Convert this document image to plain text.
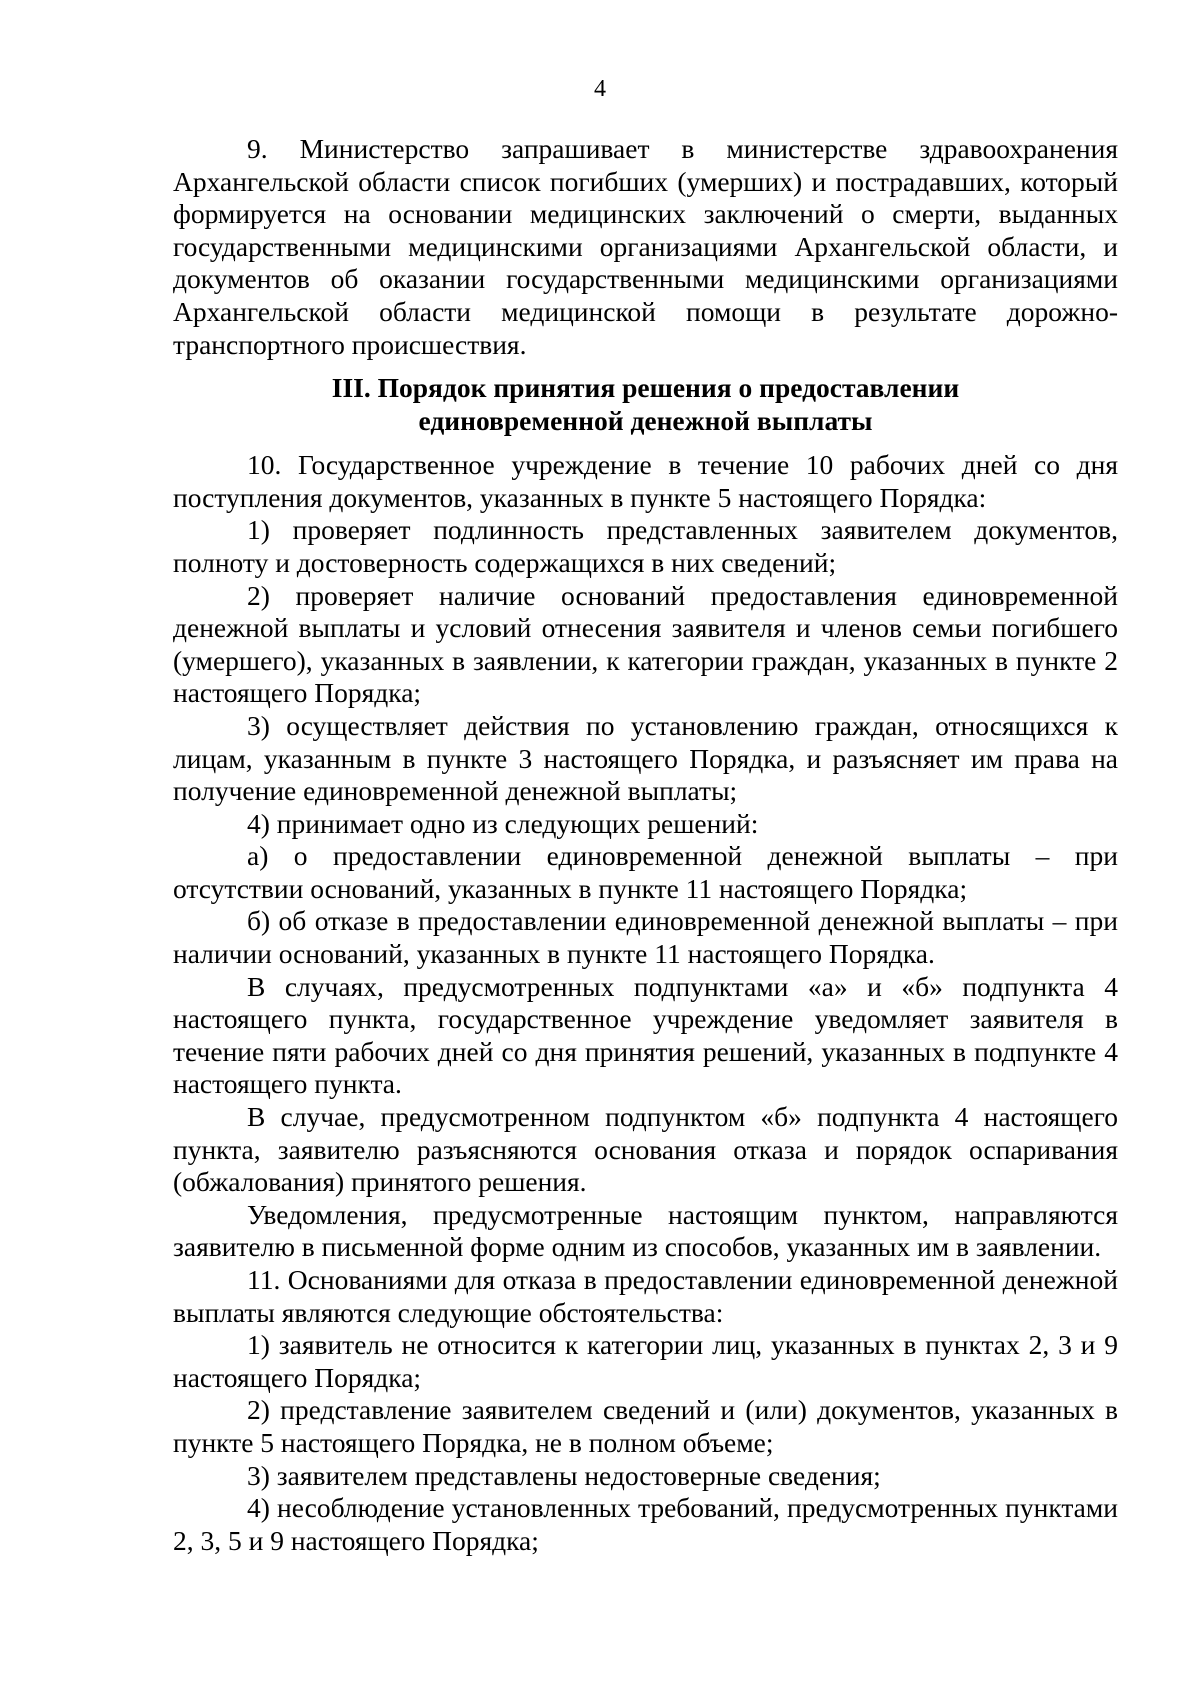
4

9. Министерство запрашивает в министерстве здравоохранения Архангельской области список погибших (умерших) и пострадавших, который формируется на основании медицинских заключений о смерти, выданных государственными медицинскими организациями Архангельской области, и документов об оказании государственными медицинскими организациями Архангельской области медицинской помощи в результате дорожно-транспортного происшествия.

III. Порядок принятия решения о предоставлении
единовременной денежной выплаты

10. Государственное учреждение в течение 10 рабочих дней со дня поступления документов, указанных в пункте 5 настоящего Порядка:

1) проверяет подлинность представленных заявителем документов, полноту и достоверность содержащихся в них сведений;

2) проверяет наличие оснований предоставления единовременной денежной выплаты и условий отнесения заявителя и членов семьи погибшего (умершего), указанных в заявлении, к категории граждан, указанных в пункте 2 настоящего Порядка;

3) осуществляет действия по установлению граждан, относящихся к лицам, указанным в пункте 3 настоящего Порядка, и разъясняет им права на получение единовременной денежной выплаты;

4) принимает одно из следующих решений:

а) о предоставлении единовременной денежной выплаты – при отсутствии оснований, указанных в пункте 11 настоящего Порядка;

б) об отказе в предоставлении единовременной денежной выплаты – при наличии оснований, указанных в пункте 11 настоящего Порядка.

В случаях, предусмотренных подпунктами «а» и «б» подпункта 4 настоящего пункта, государственное учреждение уведомляет заявителя в течение пяти рабочих дней со дня принятия решений, указанных в подпункте 4 настоящего пункта.

В случае, предусмотренном подпунктом «б» подпункта 4 настоящего пункта, заявителю разъясняются основания отказа и порядок оспаривания (обжалования) принятого решения.

Уведомления, предусмотренные настоящим пунктом, направляются заявителю в письменной форме одним из способов, указанных им в заявлении.

11. Основаниями для отказа в предоставлении единовременной денежной выплаты являются следующие обстоятельства:

1) заявитель не относится к категории лиц, указанных в пунктах 2, 3 и 9 настоящего Порядка;

2) представление заявителем сведений и (или) документов, указанных в пункте 5 настоящего Порядка, не в полном объеме;

3) заявителем представлены недостоверные сведения;

4) несоблюдение установленных требований, предусмотренных пунктами 2, 3, 5 и 9 настоящего Порядка;
